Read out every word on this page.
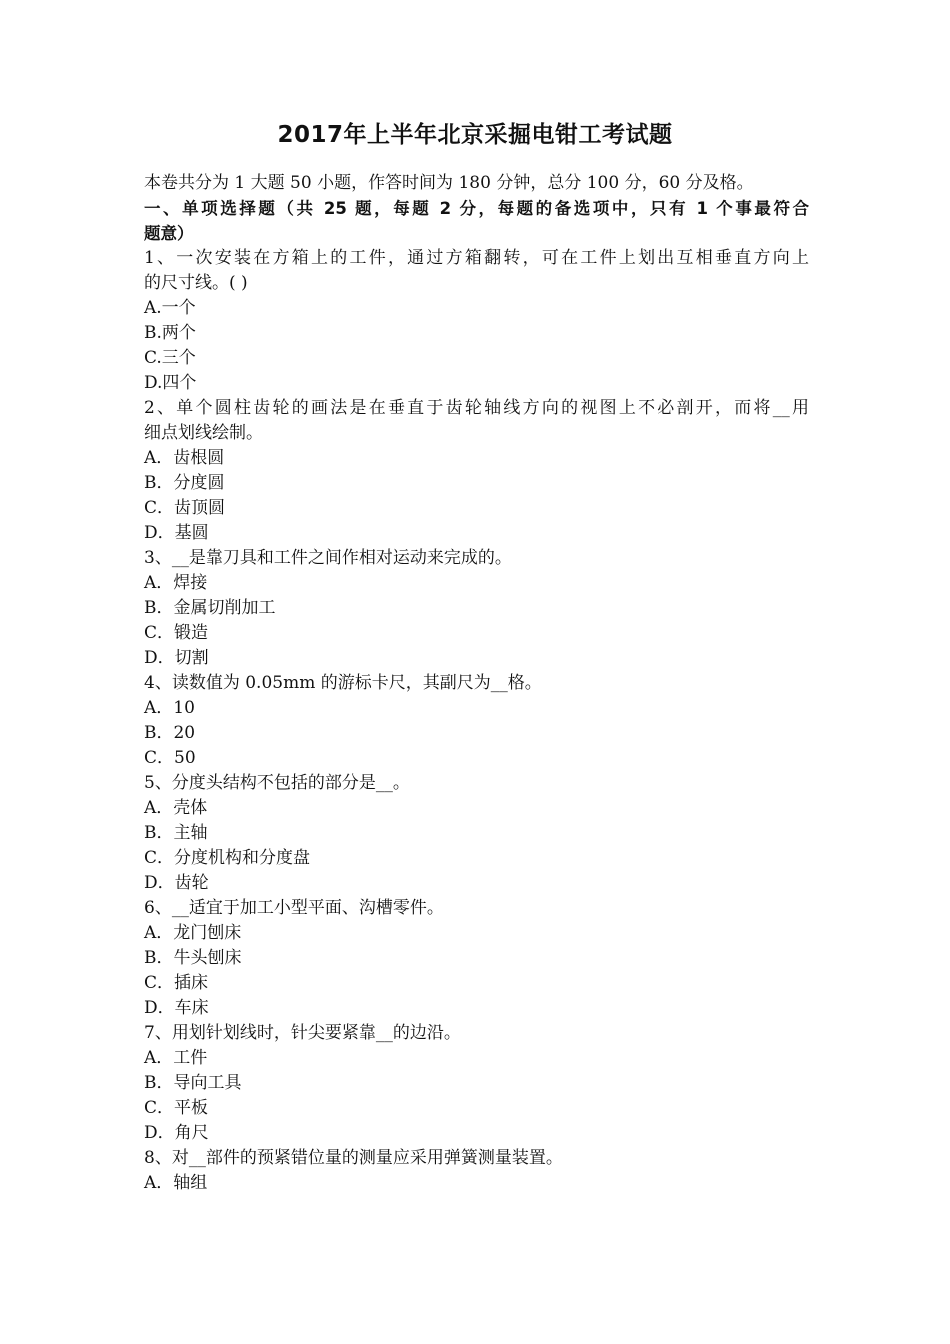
2017年上半年北京采掘电钳工考试题
本卷共分为 1 大题 50 小题，作答时间为 180 分钟，总分 100 分，60 分及格。
一、单项选择题（共 25 题，每题 2 分，每题的备选项中，只有 1 个事最符合
题意）
1、一次安装在方箱上的工件，通过方箱翻转，可在工件上划出互相垂直方向上
的尺寸线。( )
A.一个
B.两个
C.三个
D.四个
2、单个圆柱齿轮的画法是在垂直于齿轮轴线方向的视图上不必剖开，而将__用
细点划线绘制。
A．齿根圆
B．分度圆
C．齿顶圆
D．基圆
3、__是靠刀具和工件之间作相对运动来完成的。
A．焊接
B．金属切削加工
C．锻造
D．切割
4、读数值为 0.05mm 的游标卡尺，其副尺为__格。
A．10
B．20
C．50
5、分度头结构不包括的部分是__。
A．壳体
B．主轴
C．分度机构和分度盘
D．齿轮
6、__适宜于加工小型平面、沟槽零件。
A．龙门刨床
B．牛头刨床
C．插床
D．车床
7、用划针划线时，针尖要紧靠__的边沿。
A．工件
B．导向工具
C．平板
D．角尺
8、对__部件的预紧错位量的测量应采用弹簧测量装置。
A．轴组
